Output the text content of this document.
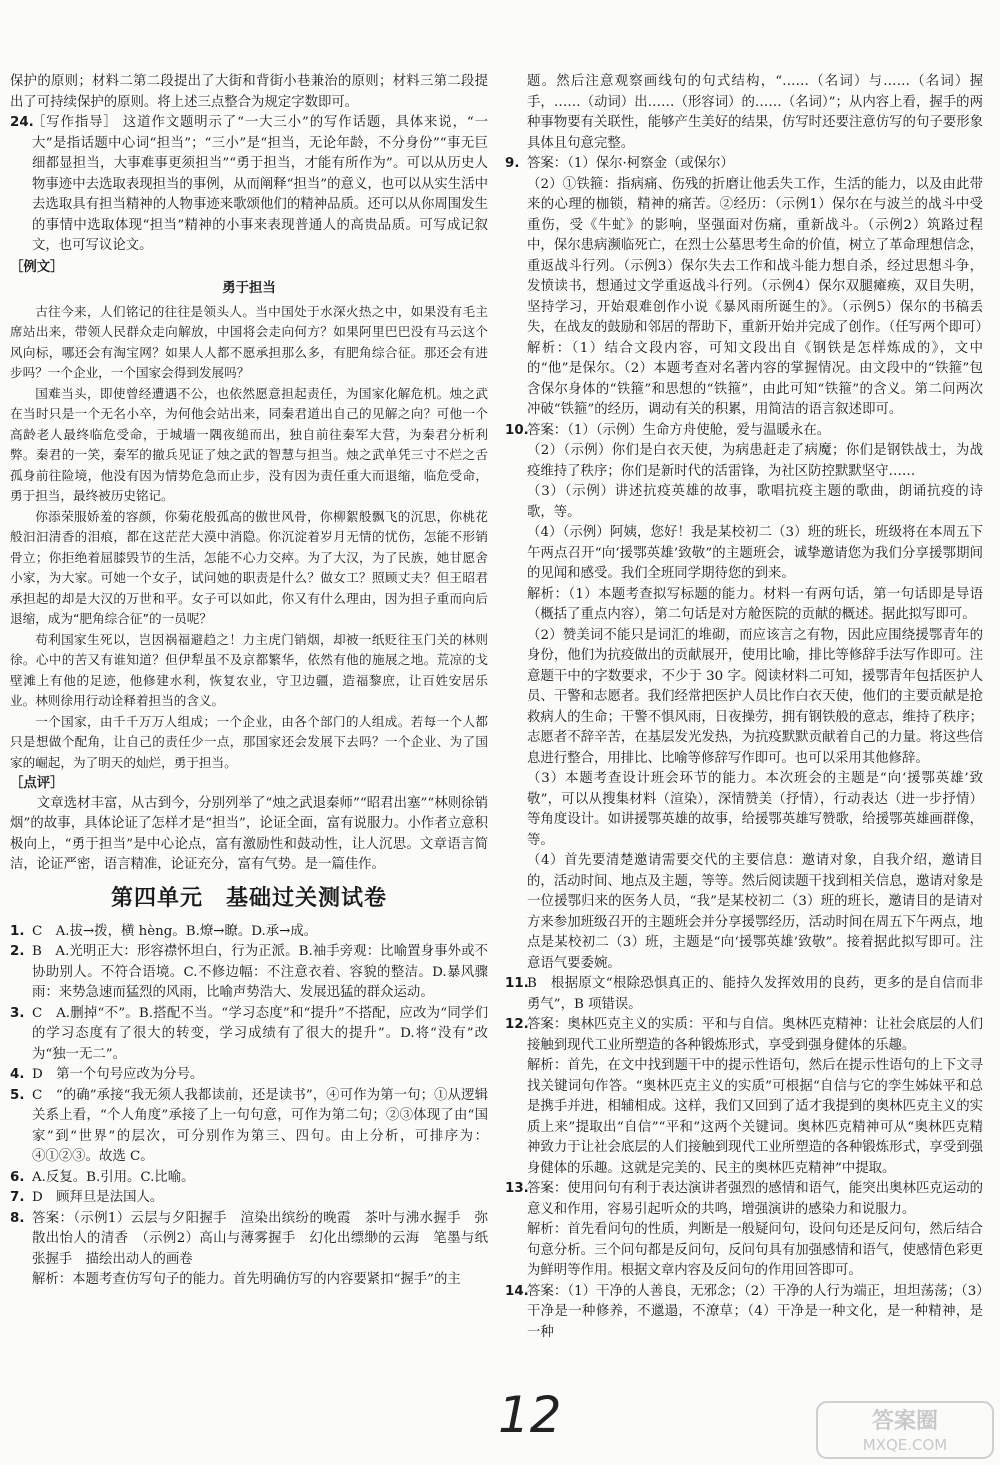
保护的原则；材料二第二段提出了大街和背街小巷兼治的原则；材料三第二段提出了可持续保护的原则。将上述三点整合为规定字数即可。

24.

［写作指导］ 这道作文题明示了“一大三小”的写作话题，具体来说，“一大”是指话题中心词“担当”；“三小”是“担当，无论年龄，不分身份”“事无巨细都显担当，大事难事更须担当”“勇于担当，才能有所作为”。可以从历史人物事迹中去选取表现担当的事例，从而阐释“担当”的意义，也可以从实生活中去选取具有担当精神的人物事迹来歌颂他们的精神品质。还可以从你周围发生的事情中选取体现“担当”精神的小事来表现普通人的高贵品质。可写成记叙文，也可写议论文。

［例文］

勇于担当

古往今来，人们铭记的往往是领头人。当中国处于水深火热之中，如果没有毛主席站出来，带领人民群众走向解放，中国将会走向何方？如果阿里巴巴没有马云这个风向标，哪还会有淘宝网？如果人人都不愿承担那么多，有肥角综合征。那还会有进步吗？一个企业，一个国家会得到发展吗？

国难当头，即使曾经遭遇不公，也依然愿意担起责任，为国家化解危机。烛之武在当时只是一个无名小卒，为何他会站出来，同秦君道出自己的见解之向？可他一个高龄老人最终临危受命，于城墙一隅夜缒而出，独自前往秦军大营，为秦君分析利弊。秦君的一笑，秦军的撤兵见证了烛之武的智慧与担当。烛之武单凭三寸不烂之舌孤身前往险境，他没有因为情势危急而止步，没有因为责任重大而退缩，临危受命，勇于担当，最终被历史铭记。

你添荣服娇羞的容颜，你菊花般孤高的傲世风骨，你柳絮般飘飞的沉思，你桃花般汩汩清香的泪痕，都在这茫茫大漠中消隐。你沉淀着岁月无情的忧伤，怎能不形销骨立；你拒绝着屈膝毁节的生活，怎能不心力交瘁。为了大汉，为了民族，她甘愿舍小家，为大家。可她一个女子，试问她的职责是什么？做女工？照顾丈夫？但王昭君承担起的却是大汉的万世和平。女子可以如此，你又有什么理由，因为担子重而向后退缩，成为“肥角综合征”的一员呢？

苟利国家生死以，岂因祸福避趋之！力主虎门销烟，却被一纸贬往玉门关的林则徐。心中的苦又有谁知道？但伊犁虽不及京都繁华，依然有他的施展之地。荒凉的戈壁滩上有他的足迹，他修建水利，恢复农业，守卫边疆，造福黎庶，让百姓安居乐业。林则徐用行动诠释着担当的含义。

一个国家，由千千万万人组成；一个企业，由各个部门的人组成。若每一个人都只是想做个配角，让自己的责任少一点，那国家还会发展下去吗？一个企业、为了国家的崛起，为了明天的灿烂，勇于担当。

［点评］

文章选材丰富，从古到今，分别列举了“烛之武退秦师”“昭君出塞”“林则徐销烟”的故事，具体论证了怎样才是“担当”，论证全面，富有说服力。小作者立意积极向上，“勇于担当”是中心论点，富有激励性和鼓动性，让人沉思。文章语言简洁，论证严密，语言精准，论证充分，富有气势。是一篇佳作。

第四单元　基础过关测试卷
1. C　A.拔→拨，横 hèng。B.燎→瞭。D.承→成。

2. B　A.光明正大：形容襟怀坦白，行为正派。B.袖手旁观：比喻置身事外或不协助别人。不符合语境。C.不修边幅：不注意衣着、容貌的整洁。D.暴风骤雨：来势急速而猛烈的风雨，比喻声势浩大、发展迅猛的群众运动。

3. C　A.删掉“不”。B.搭配不当。“学习态度”和“提升”不搭配，应改为“同学们的学习态度有了很大的转变，学习成绩有了很大的提升”。D.将“没有”改为“独一无二”。

4. D　第一个句号应改为分号。

5. C　“的确”承接“我无须人我都读前，还是读书”，④可作为第一句；①从逻辑关系上看，“个人角度”承接了上一句句意，可作为第二句；②③体现了由“国家”到“世界”的层次，可分别作为第三、四句。由上分析，可排序为：④①②③。故选 C。

6. A.反复。B.引用。C.比喻。

7. D　顾拜旦是法国人。

8. 答案：（示例1）云层与夕阳握手　渲染出缤纷的晚霞　茶叶与沸水握手　弥散出怡人的清香　（示例2）高山与薄雾握手　幻化出缥缈的云海　笔墨与纸张握手　描绘出动人的画卷

解析：本题考查仿写句子的能力。首先明确仿写的内容要紧扣“握手”的主

题。然后注意观察画线句的句式结构，“……（名词）与……（名词）握手，……（动词）出……（形容词）的……（名词）”；从内容上看，握手的两种事物要有关联性，能够产生美好的结果，仿写时还要注意仿写的句子要形象具体且句意完整。

9. 答案：（1）保尔·柯察金（或保尔）

（2）①铁箍：指病痛、伤残的折磨让他丢失工作，生活的能力，以及由此带来的心理的枷锁，精神的痛苦。②经历：（示例1）保尔在与波兰的战斗中受重伤，受《牛虻》的影响，坚强面对伤痛，重新战斗。（示例2）筑路过程中，保尔患病濒临死亡，在烈士公墓思考生命的价值，树立了革命理想信念，重返战斗行列。（示例3）保尔失去工作和战斗能力想自杀，经过思想斗争，发愤读书，想通过文学重返战斗行列。（示例4）保尔双腿瘫痪，双目失明，坚持学习，开始艰难创作小说《暴风雨所诞生的》。（示例5）保尔的书稿丢失，在战友的鼓励和邻居的帮助下，重新开始并完成了创作。（任写两个即可）

解析：（1）结合文段内容，可知文段出自《钢铁是怎样炼成的》，文中的“他”是保尔。（2）本题考查对名著内容的掌握情况。由文段中的“铁箍”包含保尔身体的“铁箍”和思想的“铁箍”，由此可知“铁箍”的含义。第二问两次冲破“铁箍”的经历，调动有关的积累，用简洁的语言叙述即可。

10.

答案：（1）（示例）生命方舟使舱，爱与温暖永在。

（2）（示例）你们是白衣天使，为病患赶走了病魔；你们是钢铁战士，为战疫维持了秩序；你们是新时代的活雷锋，为社区防控默默坚守……

（3）（示例）讲述抗疫英雄的故事，歌唱抗疫主题的歌曲，朗诵抗疫的诗歌，等。

（4）（示例）阿姨，您好！我是某校初二（3）班的班长，班级将在本周五下午两点召开“向‘援鄂英雄’致敬”的主题班会，诚挚邀请您为我们分享援鄂期间的见闻和感受。我们全班同学期待您的到来。

解析：（1）本题考查拟写标题的能力。材料一有两句话，第一句话即是导语（概括了重点内容），第二句话是对方舱医院的贡献的概述。据此拟写即可。

（2）赞美词不能只是词汇的堆砌，而应该言之有物，因此应围绕援鄂青年的身份，他们为抗疫做出的贡献展开，使用比喻，排比等修辞手法写作即可。注意题干中的字数要求，不少于 30 字。阅读材料二可知，援鄂青年包括医护人员、干警和志愿者。我们经常把医护人员比作白衣天使，他们的主要贡献是抢救病人的生命；干警不惧风雨，日夜操劳，拥有钢铁般的意志，维持了秩序；志愿者不辞辛苦，在基层发光发热，为抗疫默默贡献着自己的力量。将这些信息进行整合，用排比、比喻等修辞写作即可。也可以采用其他修辞。

（3）本题考查设计班会环节的能力。本次班会的主题是“向‘援鄂英雄’致敬”，可以从搜集材料（渲染），深情赞美（抒情），行动表达（进一步抒情）等角度设计。如讲援鄂英雄的故事，给援鄂英雄写赞歌，给援鄂英雄画群像，等。

（4）首先要清楚邀请需要交代的主要信息：邀请对象，自我介绍，邀请目的，活动时间、地点及主题，等等。然后阅读题干找到相关信息，邀请对象是一位援鄂归来的医务人员，“我”是某校初二（3）班的班长，邀请目的是请对方来参加班级召开的主题班会并分享援鄂经历，活动时间在周五下午两点，地点是某校初二（3）班，主题是“向‘援鄂英雄’致敬”。接着据此拟写即可。注意语气要委婉。

11.

B　根据原文“根除恐惧真正的、能持久发挥效用的良药，更多的是自信而非勇气”，B 项错误。

12.

答案：奥林匹克主义的实质：平和与自信。奥林匹克精神：让社会底层的人们接触到现代工业所塑造的各种锻炼形式，享受到强身健体的乐趣。

解析：首先，在文中找到题干中的提示性语句，然后在提示性语句的上下文寻找关键词句作答。“奥林匹克主义的实质”可根据“自信与它的孪生姊妹平和总是携手并进，相辅相成。这样，我们又回到了适才我提到的奥林匹克主义的实质上来”提取出“自信”“平和”这两个关键词。奥林匹克精神可从“奥林匹克精神致力于让社会底层的人们接触到现代工业所塑造的各种锻炼形式，享受到强身健体的乐趣。这就是完美的、民主的奥林匹克精神”中提取。

13.

答案：使用问句有利于表达演讲者强烈的感情和语气，能突出奥林匹克运动的意义和作用，容易引起听众的共鸣，增强演讲的感染力和说服力。

解析：首先看问句的性质，判断是一般疑问句，设问句还是反问句，然后结合句意分析。三个问句都是反问句，反问句具有加强感情和语气，使感情色彩更为鲜明等作用。根据文章内容及反问句的作用回答即可。

14.

答案：（1）干净的人善良，无邪念；（2）干净的人行为端正，坦坦荡荡；（3）干净是一种修养，不邋遢，不潦草；（4）干净是一种文化，是一种精神，是一种

12	答案圈
MXQE.COM
